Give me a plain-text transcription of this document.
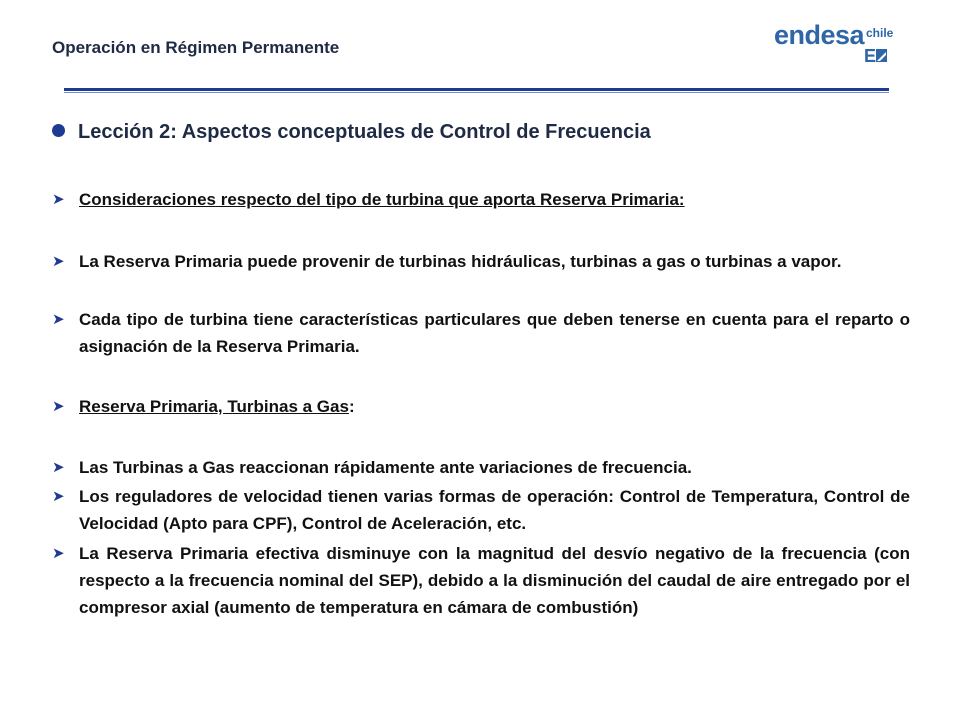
Operación en Régimen Permanente	endesa chile
E
Lección 2: Aspectos conceptuales de Control de Frecuencia
➤ Consideraciones respecto del tipo de turbina que aporta Reserva Primaria:
➤ La Reserva Primaria puede provenir de turbinas hidráulicas, turbinas a gas o turbinas a vapor.
➤ Cada tipo de turbina tiene características particulares que deben tenerse en cuenta para el reparto o asignación de la Reserva Primaria.
➤ Reserva Primaria, Turbinas a Gas:
➤ Las Turbinas a Gas reaccionan rápidamente ante variaciones de frecuencia.
➤ Los reguladores de velocidad tienen varias formas de operación: Control de Temperatura, Control de Velocidad (Apto para CPF), Control de Aceleración, etc.
➤ La Reserva Primaria efectiva disminuye con la magnitud del desvío negativo de la frecuencia (con respecto a la frecuencia nominal del SEP), debido a la disminución del caudal de aire entregado por el compresor axial (aumento de temperatura en cámara de combustión)
